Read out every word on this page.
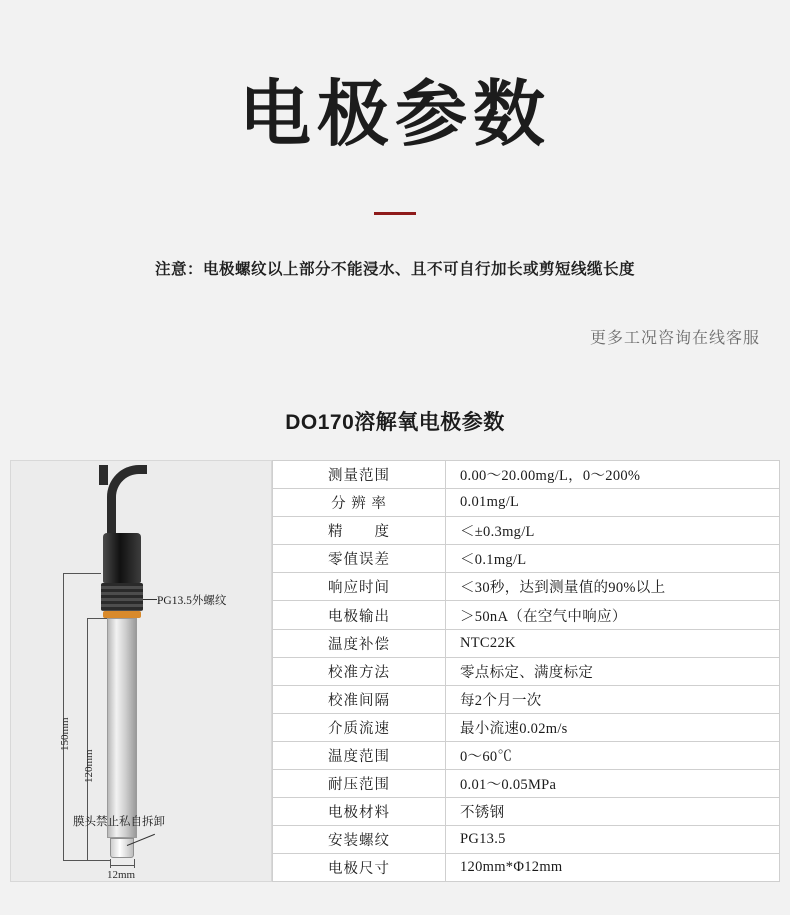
电极参数
注意：电极螺纹以上部分不能浸水、且不可自行加长或剪短线缆长度
更多工况咨询在线客服
DO170溶解氧电极参数
150mm
120mm
12mm
PG13.5外螺纹
膜头禁止私自拆卸
测量范围	0.00～20.00mg/L，0～200%
分 辨 率	0.01mg/L
精　　度	＜±0.3mg/L
零值误差	＜0.1mg/L
响应时间	＜30秒，达到测量值的90%以上
电极输出	＞50nA（在空气中响应）
温度补偿	NTC22K
校准方法	零点标定、满度标定
校准间隔	每2个月一次
介质流速	最小流速0.02m/s
温度范围	0～60℃
耐压范围	0.01～0.05MPa
电极材料	不锈钢
安装螺纹	PG13.5
电极尺寸	120mm*Φ12mm
